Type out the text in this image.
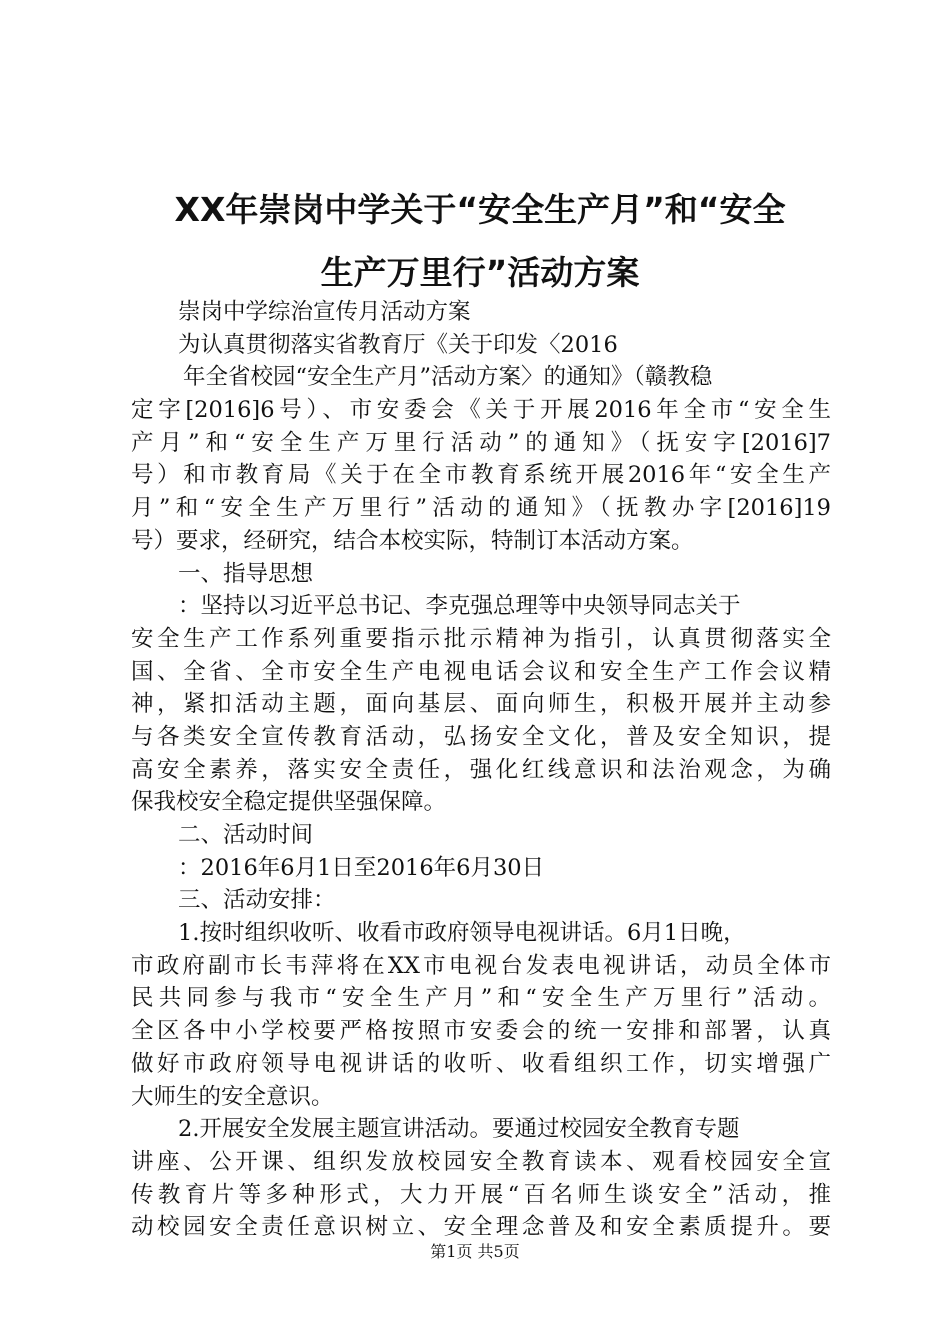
XX年崇岗中学关于“安全生产月”和“安全
生产万里行”活动方案
崇岗中学综治宣传月活动方案
为认真贯彻落实省教育厅《关于印发〈2016
年全省校园“安全生产月”活动方案〉的通知》（赣教稳
定字[2016]6号）、市安委会《关于开展2016年全市“安全生
产月”和“安全生产万里行活动”的通知》（抚安字[2016]7
号）和市教育局《关于在全市教育系统开展2016年“安全生产
月”和“安全生产万里行”活动的通知》（抚教办字[2016]19
号）要求，经研究，结合本校实际，特制订本活动方案。
一、指导思想
：坚持以习近平总书记、李克强总理等中央领导同志关于
安全生产工作系列重要指示批示精神为指引，认真贯彻落实全
国、全省、全市安全生产电视电话会议和安全生产工作会议精
神，紧扣活动主题，面向基层、面向师生，积极开展并主动参
与各类安全宣传教育活动，弘扬安全文化，普及安全知识，提
高安全素养，落实安全责任，强化红线意识和法治观念，为确
保我校安全稳定提供坚强保障。
二、活动时间
：2016年6月1日至2016年6月30日
三、活动安排：
1.按时组织收听、收看市政府领导电视讲话。6月1日晚，
市政府副市长韦萍将在XX市电视台发表电视讲话，动员全体市
民共同参与我市“安全生产月”和“安全生产万里行”活动。
全区各中小学校要严格按照市安委会的统一安排和部署，认真
做好市政府领导电视讲话的收听、收看组织工作，切实增强广
大师生的安全意识。
2.开展安全发展主题宣讲活动。要通过校园安全教育专题
讲座、公开课、组织发放校园安全教育读本、观看校园安全宣
传教育片等多种形式，大力开展“百名师生谈安全”活动，推
动校园安全责任意识树立、安全理念普及和安全素质提升。要
第1页 共5页
